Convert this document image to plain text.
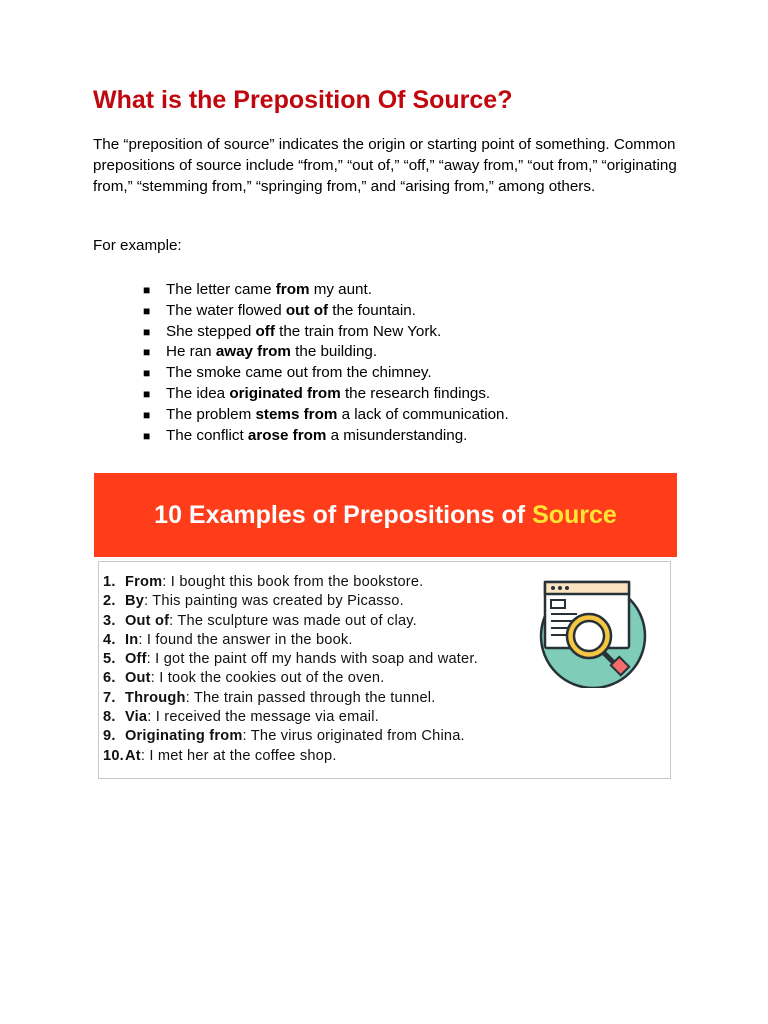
What is the Preposition Of Source?

The “preposition of source” indicates the origin or starting point of something. Common prepositions of source include “from,” “out of,” “off,” “away from,” “out from,” “originating from,” “stemming from,” “springing from,” and “arising from,” among others.

For example:

■ The letter came from my aunt.
■ The water flowed out of the fountain.
■ She stepped off the train from New York.
■ He ran away from the building.
■ The smoke came out from the chimney.
■ The idea originated from the research findings.
■ The problem stems from a lack of communication.
■ The conflict arose from a misunderstanding.
10 Examples of Prepositions of Source
1. From: I bought this book from the bookstore.
2. By: This painting was created by Picasso.
3. Out of: The sculpture was made out of clay.
4. In: I found the answer in the book.
5. Off: I got the paint off my hands with soap and water.
6. Out: I took the cookies out of the oven.
7. Through: The train passed through the tunnel.
8. Via: I received the message via email.
9. Originating from: The virus originated from China.
10.At: I met her at the coffee shop.
